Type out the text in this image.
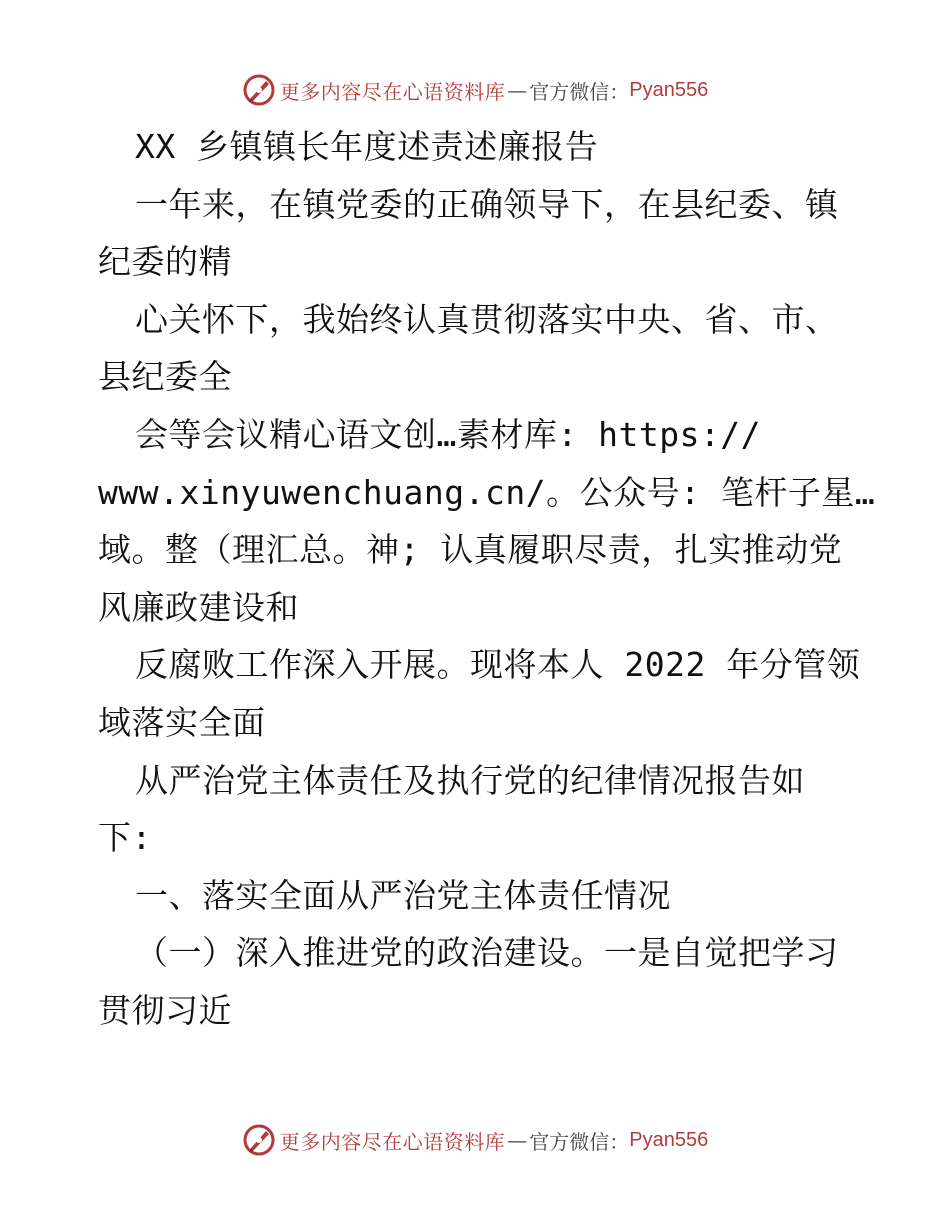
更多内容尽在心语资料库 — 官方微信： Pyan556
XX 乡镇镇长年度述责述廉报告
一年来，在镇党委的正确领导下，在县纪委、镇
纪委的精
心关怀下，我始终认真贯彻落实中央、省、市、
县纪委全
会等会议精心语文创…素材库: https://
www.xinyuwenchuang.cn/。公众号: 笔杆子星…
域。整（理汇总。神; 认真履职尽责，扎实推动党
风廉政建设和
反腐败工作深入开展。现将本人 2022 年分管领
域落实全面
从严治党主体责任及执行党的纪律情况报告如
下:
一、落实全面从严治党主体责任情况
（一）深入推进党的政治建设。一是自觉把学习
贯彻习近
更多内容尽在心语资料库 — 官方微信： Pyan556
